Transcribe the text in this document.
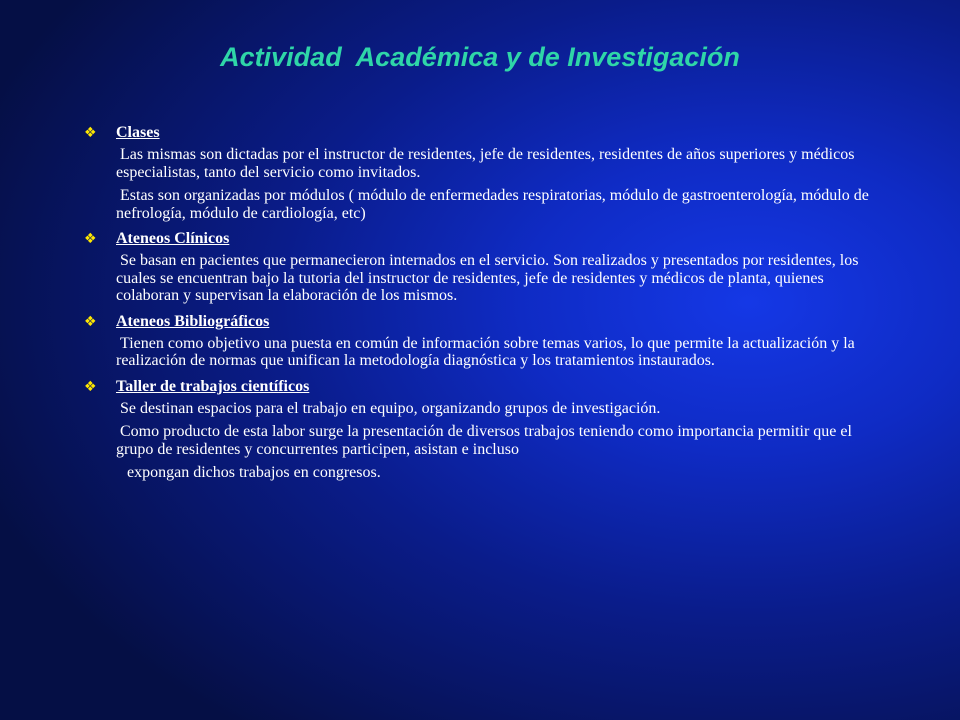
Actividad  Académica y de Investigación
❖	Clases

Las mismas son dictadas por el instructor de residentes, jefe de residentes, residentes de años superiores y médicos especialistas, tanto del servicio como invitados.

Estas son organizadas por módulos ( módulo de enfermedades respiratorias, módulo de gastroenterología, módulo de nefrología, módulo de cardiología, etc)

❖	Ateneos Clínicos

Se basan en pacientes que permanecieron internados en el servicio. Son realizados y presentados por residentes, los cuales se encuentran bajo la tutoria del instructor de residentes, jefe de residentes y médicos de planta, quienes colaboran y supervisan la elaboración de los mismos.

❖	Ateneos Bibliográficos

Tienen como objetivo una puesta en común de información sobre temas varios, lo que permite la actualización y la realización de normas que unifican la metodología diagnóstica y los tratamientos instaurados.

❖	Taller de trabajos científicos

Se destinan espacios para el trabajo en equipo, organizando grupos de investigación.

Como producto de esta labor surge la presentación de diversos trabajos teniendo como importancia permitir que el grupo de residentes y concurrentes participen, asistan e incluso

expongan dichos trabajos en congresos.
